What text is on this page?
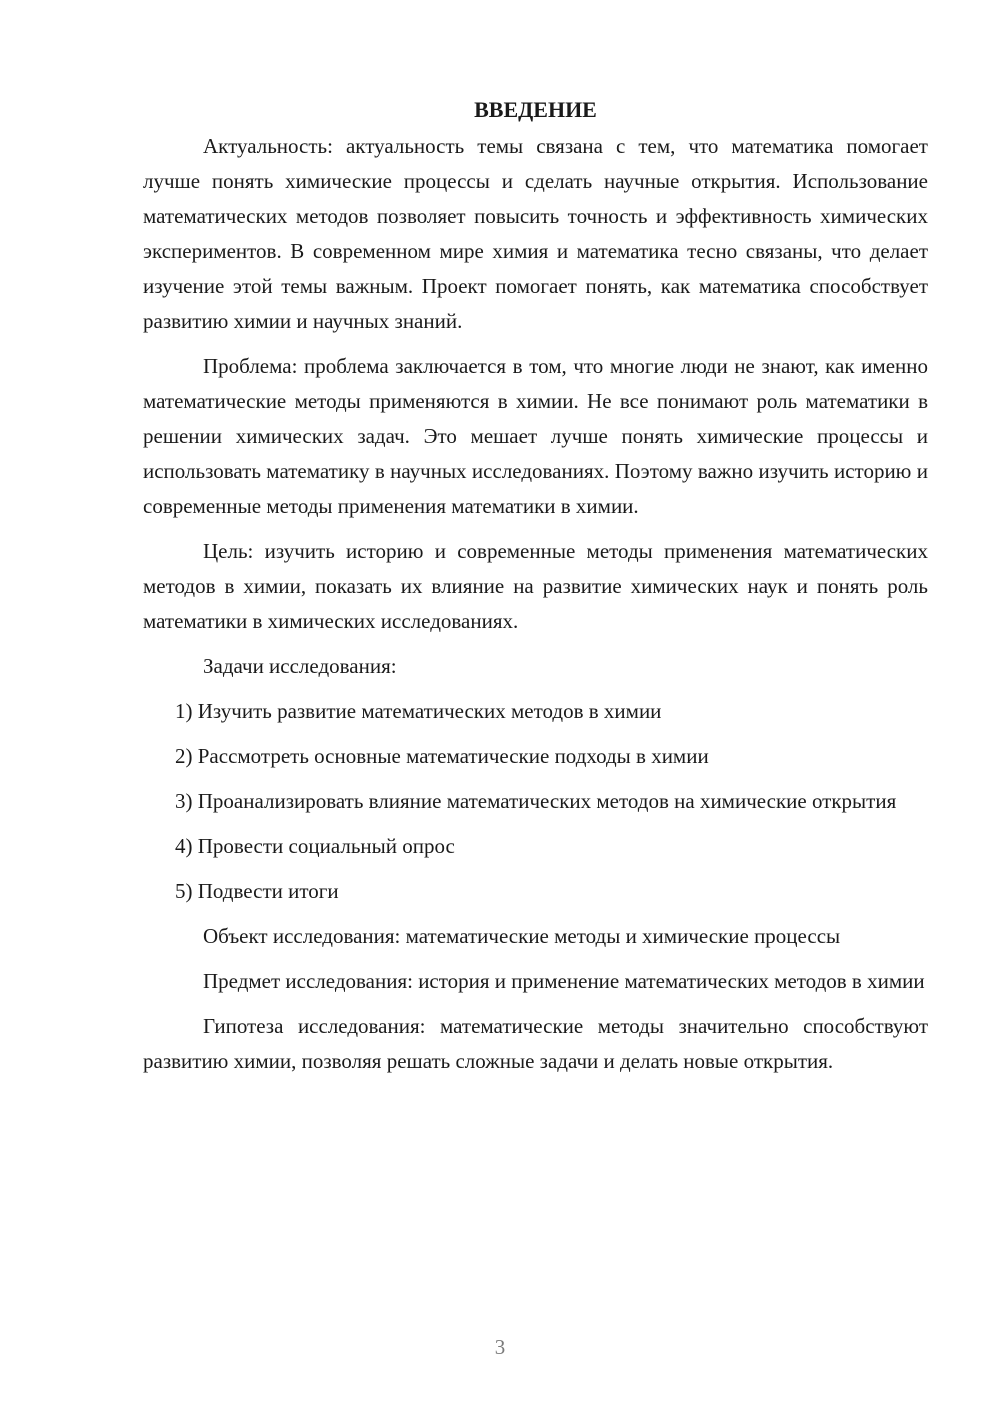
ВВЕДЕНИЕ

Актуальность: актуальность темы связана с тем, что математика помогает лучше понять химические процессы и сделать научные открытия. Использование математических методов позволяет повысить точность и эффективность химических экспериментов. В современном мире химия и математика тесно связаны, что делает изучение этой темы важным. Проект помогает понять, как математика способствует развитию химии и научных знаний.

Проблема: проблема заключается в том, что многие люди не знают, как именно математические методы применяются в химии. Не все понимают роль математики в решении химических задач. Это мешает лучше понять химические процессы и использовать математику в научных исследованиях. Поэтому важно изучить историю и современные методы применения математики в химии.

Цель: изучить историю и современные методы применения математических методов в химии, показать их влияние на развитие химических наук и понять роль математики в химических исследованиях.

Задачи исследования:

1) Изучить развитие математических методов в химии

2) Рассмотреть основные математические подходы в химии

3) Проанализировать влияние математических методов на химические открытия

4) Провести социальный опрос

5) Подвести итоги

Объект исследования: математические методы и химические процессы

Предмет исследования: история и применение математических методов в химии

Гипотеза исследования: математические методы значительно способствуют развитию химии, позволяя решать сложные задачи и делать новые открытия.

3
